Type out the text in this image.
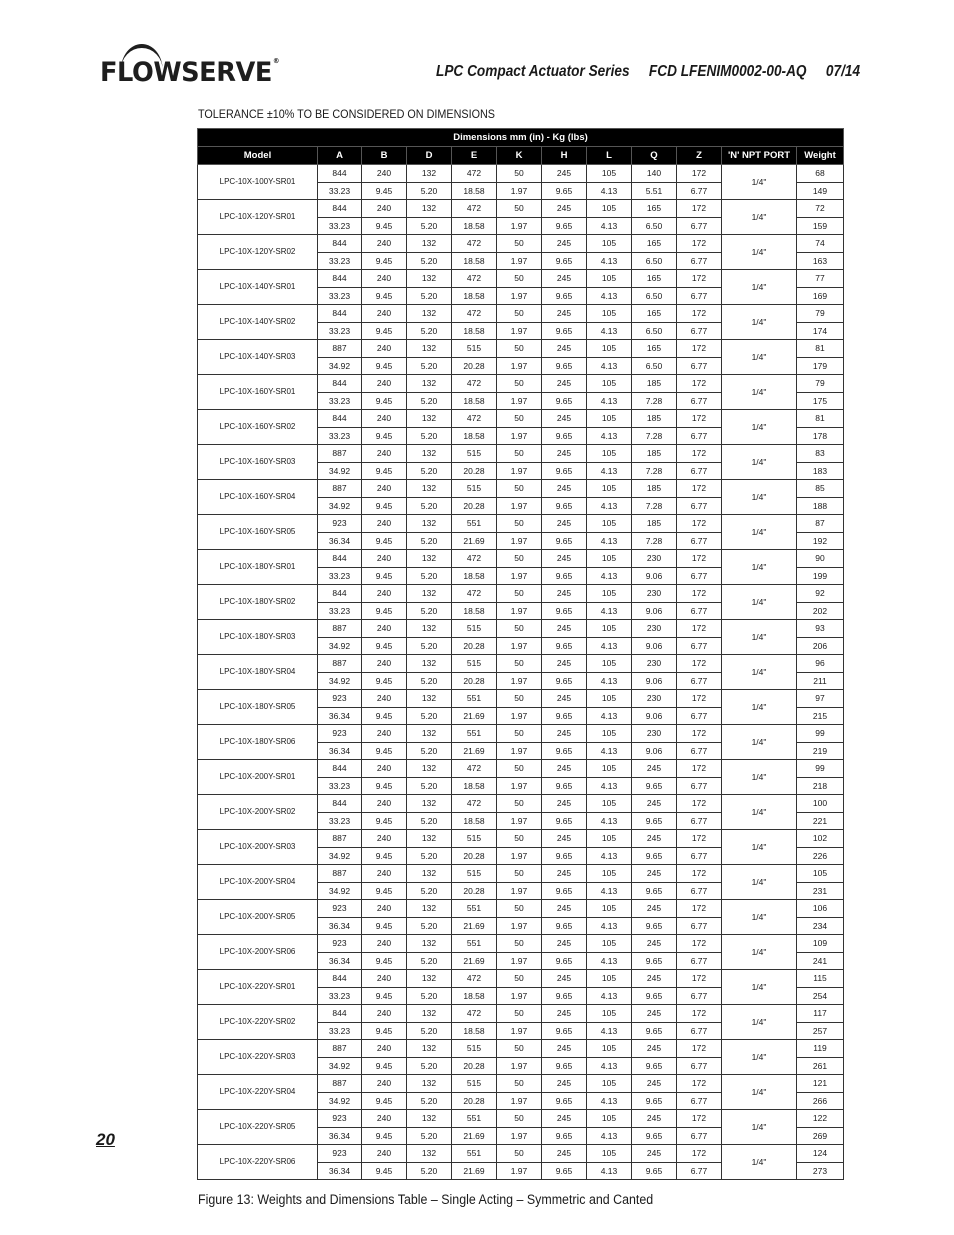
FLOWSERVE®
LPC Compact Actuator Series FCD LFENIM0002-00-AQ 07/14
TOLERANCE ±10% TO BE CONSIDERED ON DIMENSIONS
Dimensions mm (in) - Kg (lbs)											
Model	A	B	D	E	K	H	L	Q	Z	'N' NPT PORT	Weight
LPC-10X-100Y-SR01	844	240	132	472	50	245	105	140	172	1/4"	68
	33.23	9.45	5.20	18.58	1.97	9.65	4.13	5.51	6.77		149
LPC-10X-120Y-SR01	844	240	132	472	50	245	105	165	172	1/4"	72
	33.23	9.45	5.20	18.58	1.97	9.65	4.13	6.50	6.77		159
LPC-10X-120Y-SR02	844	240	132	472	50	245	105	165	172	1/4"	74
	33.23	9.45	5.20	18.58	1.97	9.65	4.13	6.50	6.77		163
LPC-10X-140Y-SR01	844	240	132	472	50	245	105	165	172	1/4"	77
	33.23	9.45	5.20	18.58	1.97	9.65	4.13	6.50	6.77		169
LPC-10X-140Y-SR02	844	240	132	472	50	245	105	165	172	1/4"	79
	33.23	9.45	5.20	18.58	1.97	9.65	4.13	6.50	6.77		174
LPC-10X-140Y-SR03	887	240	132	515	50	245	105	165	172	1/4"	81
	34.92	9.45	5.20	20.28	1.97	9.65	4.13	6.50	6.77		179
LPC-10X-160Y-SR01	844	240	132	472	50	245	105	185	172	1/4"	79
	33.23	9.45	5.20	18.58	1.97	9.65	4.13	7.28	6.77		175
LPC-10X-160Y-SR02	844	240	132	472	50	245	105	185	172	1/4"	81
	33.23	9.45	5.20	18.58	1.97	9.65	4.13	7.28	6.77		178
LPC-10X-160Y-SR03	887	240	132	515	50	245	105	185	172	1/4"	83
	34.92	9.45	5.20	20.28	1.97	9.65	4.13	7.28	6.77		183
LPC-10X-160Y-SR04	887	240	132	515	50	245	105	185	172	1/4"	85
	34.92	9.45	5.20	20.28	1.97	9.65	4.13	7.28	6.77		188
LPC-10X-160Y-SR05	923	240	132	551	50	245	105	185	172	1/4"	87
	36.34	9.45	5.20	21.69	1.97	9.65	4.13	7.28	6.77		192
LPC-10X-180Y-SR01	844	240	132	472	50	245	105	230	172	1/4"	90
	33.23	9.45	5.20	18.58	1.97	9.65	4.13	9.06	6.77		199
LPC-10X-180Y-SR02	844	240	132	472	50	245	105	230	172	1/4"	92
	33.23	9.45	5.20	18.58	1.97	9.65	4.13	9.06	6.77		202
LPC-10X-180Y-SR03	887	240	132	515	50	245	105	230	172	1/4"	93
	34.92	9.45	5.20	20.28	1.97	9.65	4.13	9.06	6.77		206
LPC-10X-180Y-SR04	887	240	132	515	50	245	105	230	172	1/4"	96
	34.92	9.45	5.20	20.28	1.97	9.65	4.13	9.06	6.77		211
LPC-10X-180Y-SR05	923	240	132	551	50	245	105	230	172	1/4"	97
	36.34	9.45	5.20	21.69	1.97	9.65	4.13	9.06	6.77		215
LPC-10X-180Y-SR06	923	240	132	551	50	245	105	230	172	1/4"	99
	36.34	9.45	5.20	21.69	1.97	9.65	4.13	9.06	6.77		219
LPC-10X-200Y-SR01	844	240	132	472	50	245	105	245	172	1/4"	99
	33.23	9.45	5.20	18.58	1.97	9.65	4.13	9.65	6.77		218
LPC-10X-200Y-SR02	844	240	132	472	50	245	105	245	172	1/4"	100
	33.23	9.45	5.20	18.58	1.97	9.65	4.13	9.65	6.77		221
LPC-10X-200Y-SR03	887	240	132	515	50	245	105	245	172	1/4"	102
	34.92	9.45	5.20	20.28	1.97	9.65	4.13	9.65	6.77		226
LPC-10X-200Y-SR04	887	240	132	515	50	245	105	245	172	1/4"	105
	34.92	9.45	5.20	20.28	1.97	9.65	4.13	9.65	6.77		231
LPC-10X-200Y-SR05	923	240	132	551	50	245	105	245	172	1/4"	106
	36.34	9.45	5.20	21.69	1.97	9.65	4.13	9.65	6.77		234
LPC-10X-200Y-SR06	923	240	132	551	50	245	105	245	172	1/4"	109
	36.34	9.45	5.20	21.69	1.97	9.65	4.13	9.65	6.77		241
LPC-10X-220Y-SR01	844	240	132	472	50	245	105	245	172	1/4"	115
	33.23	9.45	5.20	18.58	1.97	9.65	4.13	9.65	6.77		254
LPC-10X-220Y-SR02	844	240	132	472	50	245	105	245	172	1/4"	117
	33.23	9.45	5.20	18.58	1.97	9.65	4.13	9.65	6.77		257
LPC-10X-220Y-SR03	887	240	132	515	50	245	105	245	172	1/4"	119
	34.92	9.45	5.20	20.28	1.97	9.65	4.13	9.65	6.77		261
LPC-10X-220Y-SR04	887	240	132	515	50	245	105	245	172	1/4"	121
	34.92	9.45	5.20	20.28	1.97	9.65	4.13	9.65	6.77		266
LPC-10X-220Y-SR05	923	240	132	551	50	245	105	245	172	1/4"	122
	36.34	9.45	5.20	21.69	1.97	9.65	4.13	9.65	6.77		269
LPC-10X-220Y-SR06	923	240	132	551	50	245	105	245	172	1/4"	124
	36.34	9.45	5.20	21.69	1.97	9.65	4.13	9.65	6.77		273
20
Figure 13: Weights and Dimensions Table – Single Acting – Symmetric and Canted
